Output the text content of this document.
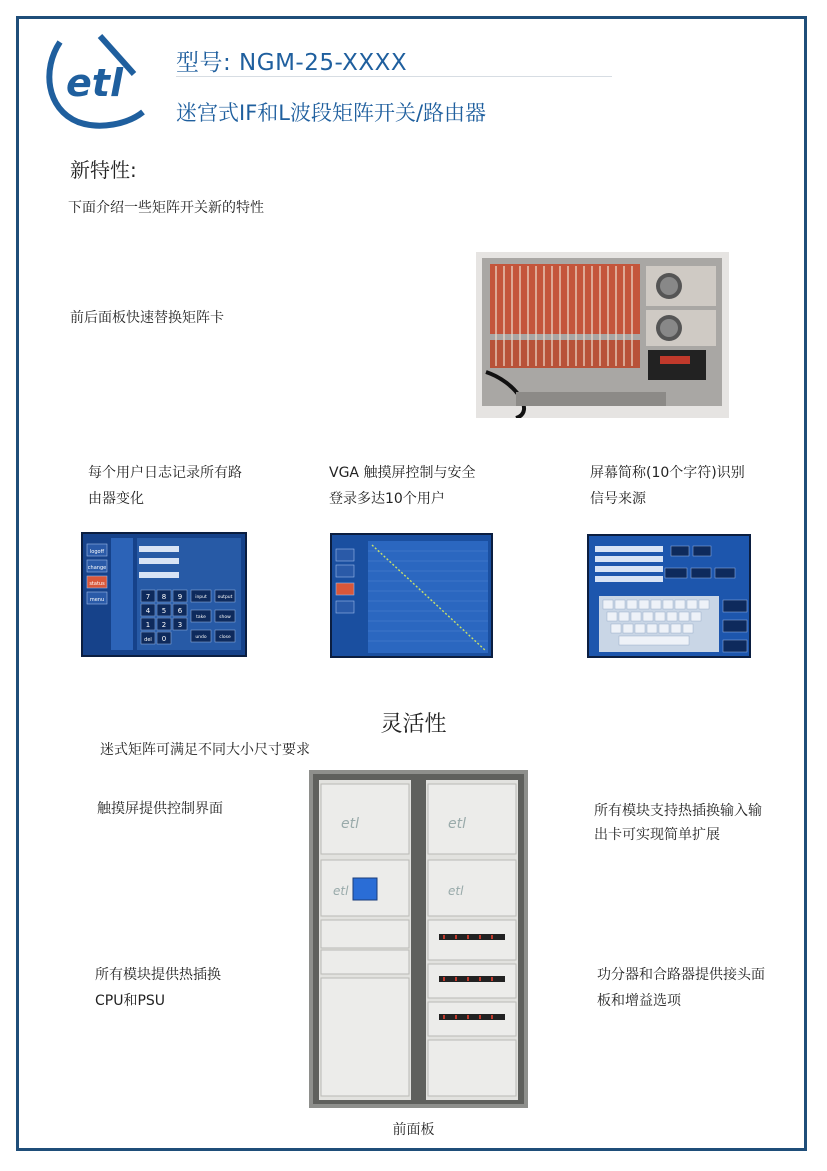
etl 型号: NGM-25-XXXX
迷宫式IF和L波段矩阵开关/路由器
新特性:
下面介绍一些矩阵开关新的特性
前后面板快速替换矩阵卡
每个用户日志记录所有路
由器变化
VGA 触摸屏控制与安全
登录多达10个用户
屏幕简称(10个字符)识别
信号来源
logoff
change
status
menu	7 8 9
4 5 6
1 2 3
del 0
input output
take	show
undo	close
灵活性
迷式矩阵可满足不同大小尺寸要求
触摸屏提供控制界面
所有模块提供热插换
CPU和PSU
所有模块支持热插换输入输
出卡可实现简单扩展
功分器和合路器提供接头面
板和增益选项
etl	etl
etl	etl
前面板
